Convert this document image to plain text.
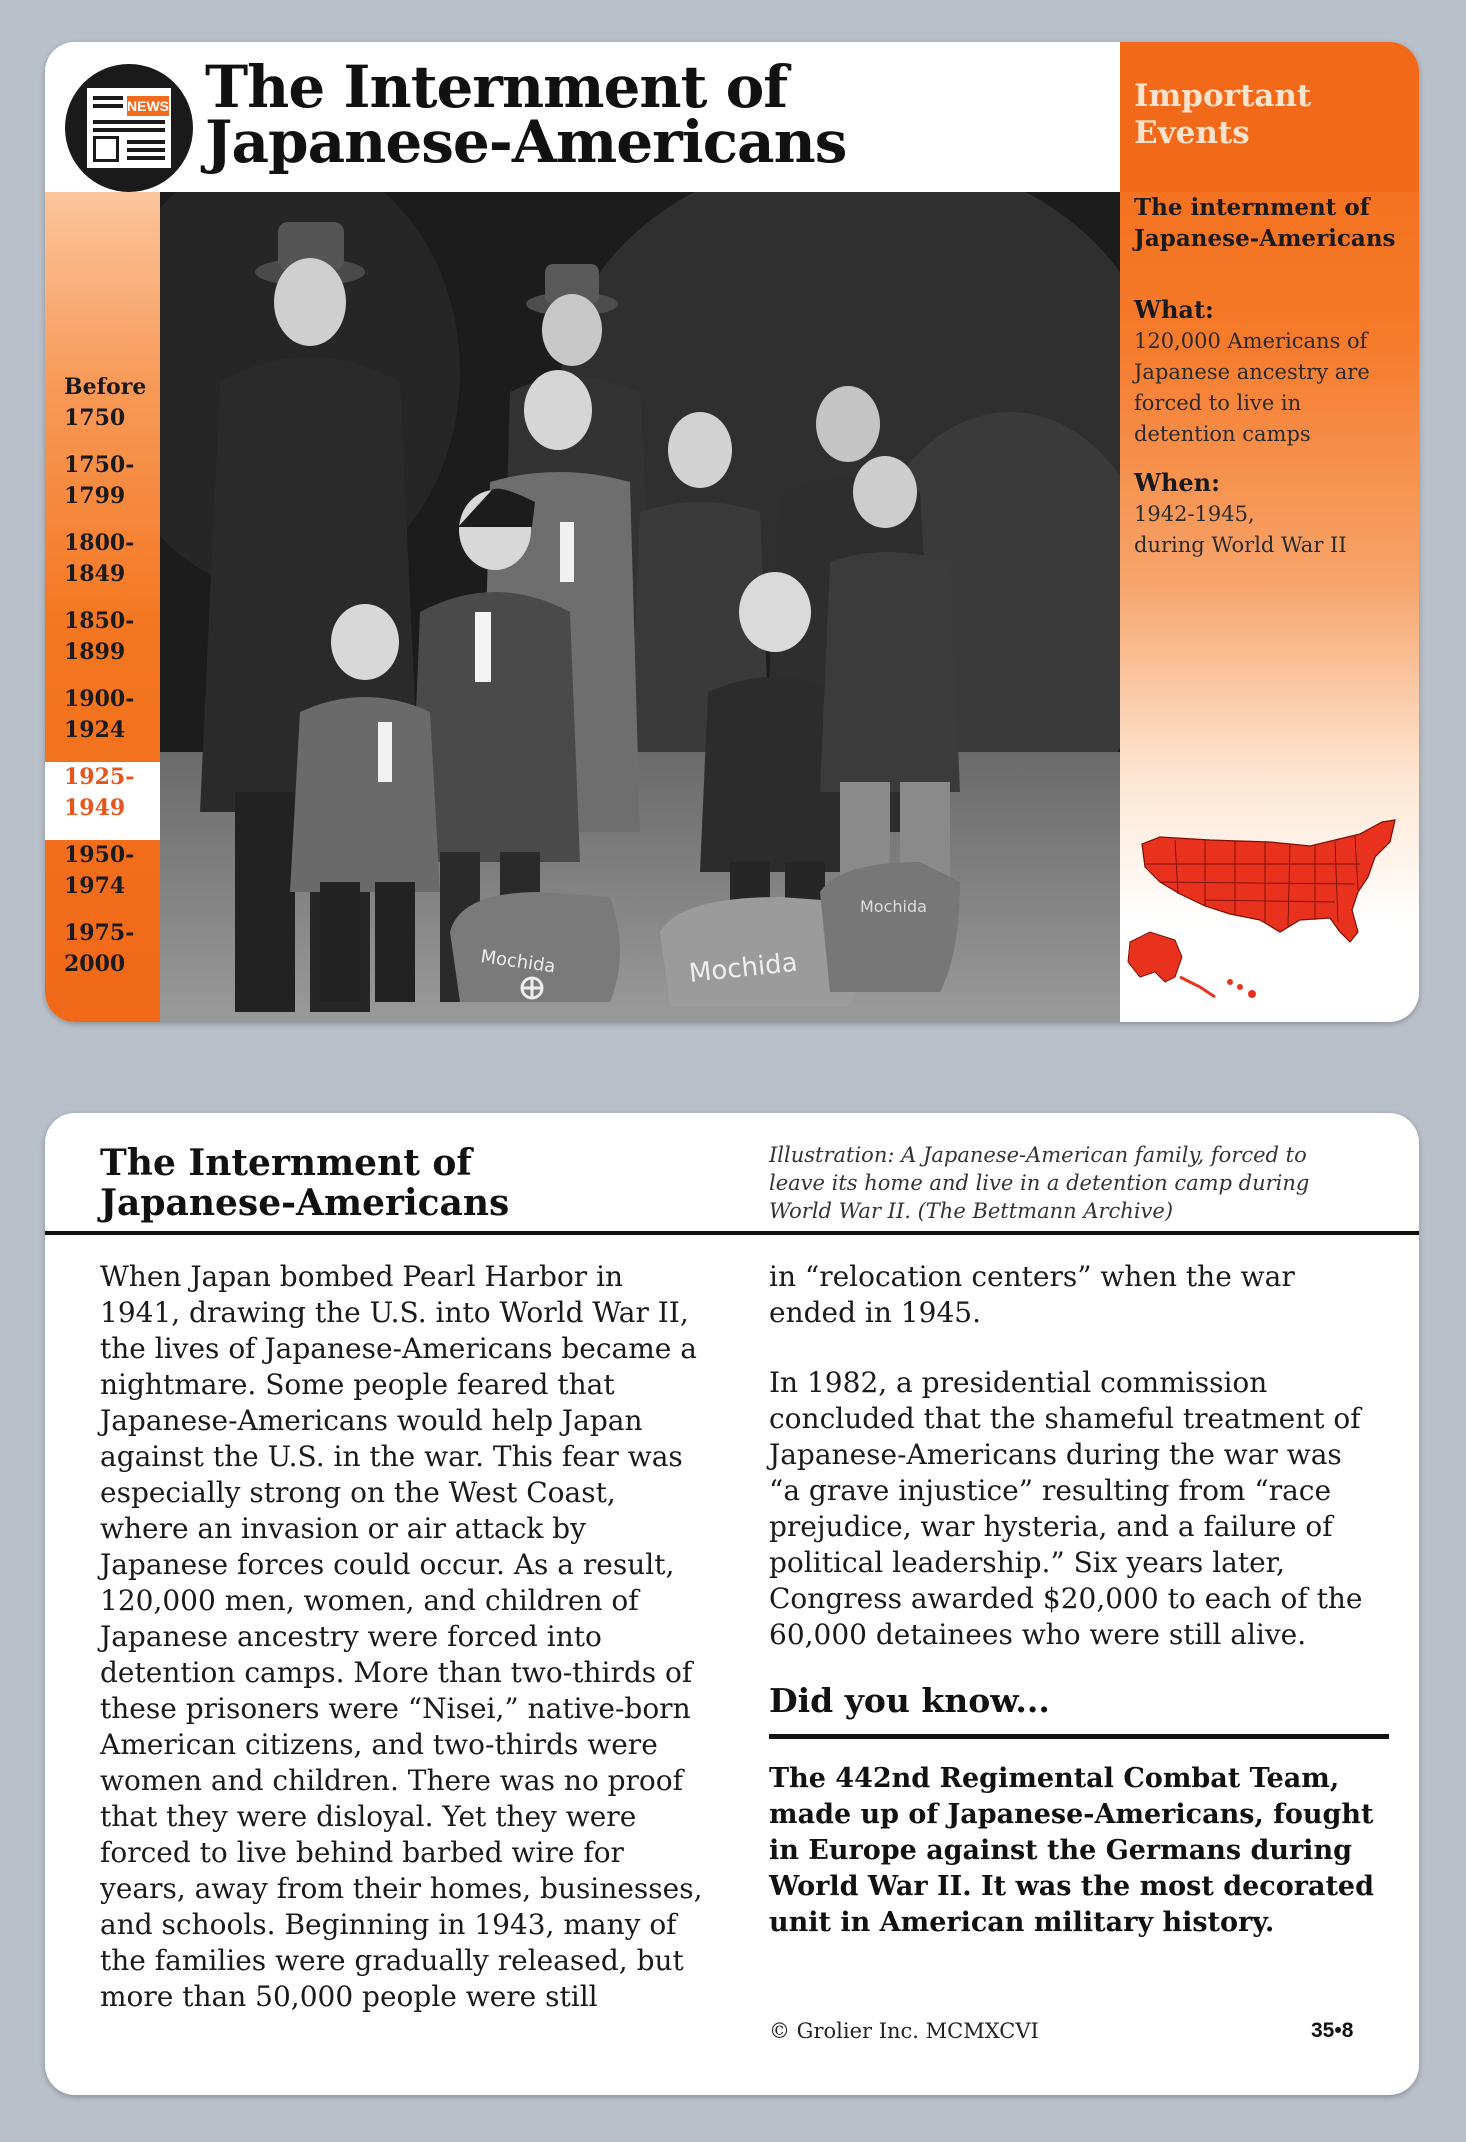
NEWS The Internment of
Japanese-Americans
Before
1750
1750-
1799
1800-
1849
1850-
1899
1900-
1924
1925-
1949
1950-
1974
1975-
2000	Mochida	Mochida
Mochida
Important
Events
The internment of Japanese-Americans
What:
120,000 Americans of Japanese ancestry are forced to live in detention camps
When:
1942-1945,
during World War II
The Internment of
Japanese-Americans
Illustration: A Japanese-American family, forced to leave its home and live in a detention camp during World War II. (The Bettmann Archive)
When Japan bombed Pearl Harbor in 1941, drawing the U.S. into World War II, the lives of Japanese-Americans became a nightmare. Some people feared that Japanese-Americans would help Japan against the U.S. in the war. This fear was especially strong on the West Coast, where an invasion or air attack by Japanese forces could occur. As a result, 120,000 men, women, and children of Japanese ancestry were forced into detention camps. More than two-thirds of these prisoners were “Nisei,” native-born American citizens, and two-thirds were women and children. There was no proof that they were disloyal. Yet they were forced to live behind barbed wire for years, away from their homes, businesses, and schools. Beginning in 1943, many of the families were gradually released, but more than 50,000 people were still
in “relocation centers” when the war ended in 1945.
In 1982, a presidential commission concluded that the shameful treatment of Japanese-Americans during the war was “a grave injustice” resulting from “race prejudice, war hysteria, and a failure of political leadership.” Six years later, Congress awarded $20,000 to each of the 60,000 detainees who were still alive.
Did you know...
The 442nd Regimental Combat Team, made up of Japanese-Americans, fought in Europe against the Germans during World War II. It was the most decorated unit in American military history.
© Grolier Inc. MCMXCVI	35•8
